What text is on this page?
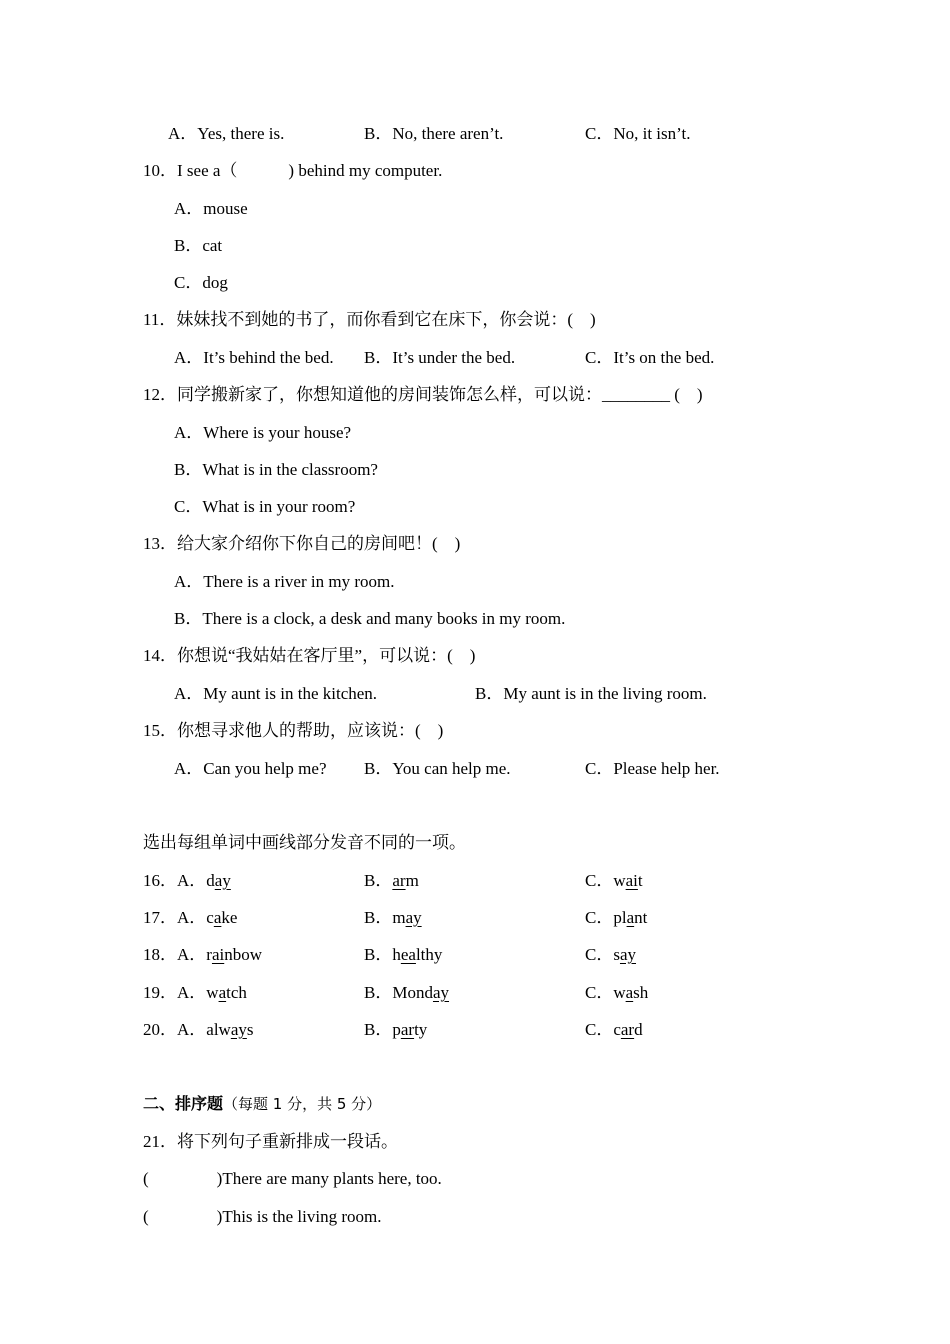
A．Yes, there is.	B．No, there aren’t.	C．No, it isn’t.
10．I see a（　　　) behind my computer.
A．mouse
B．cat
C．dog
11．妹妹找不到她的书了，而你看到它在床下，你会说：(　)
A．It’s behind the bed. B．It’s under the bed.	C．It’s on the bed.
12．同学搬新家了，你想知道他的房间装饰怎么样，可以说：________ (　)
A．Where is your house?
B．What is in the classroom?
C．What is in your room?
13．给大家介绍你下你自己的房间吧！(　)
A．There is a river in my room.
B．There is a clock, a desk and many books in my room.
14．你想说“我姑姑在客厅里”，可以说：(　)
A．My aunt is in the kitchen.	B．My aunt is in the living room.
15．你想寻求他人的帮助，应该说：(　)
A．Can you help me? B．You can help me.	C．Please help her.
选出每组单词中画线部分发音不同的一项。
16．A．day	B．arm	C．wait
17．A．cake	B．may	C．plant
18．A．rainbow	B．healthy	C．say
19．A．watch	B．Monday	C．wash
20．A．always	B．party	C．card
二、排序题（每题 1 分，共 5 分）
21．将下列句子重新排成一段话。
(　　　　)There are many plants here, too.
(　　　　)This is the living room.
